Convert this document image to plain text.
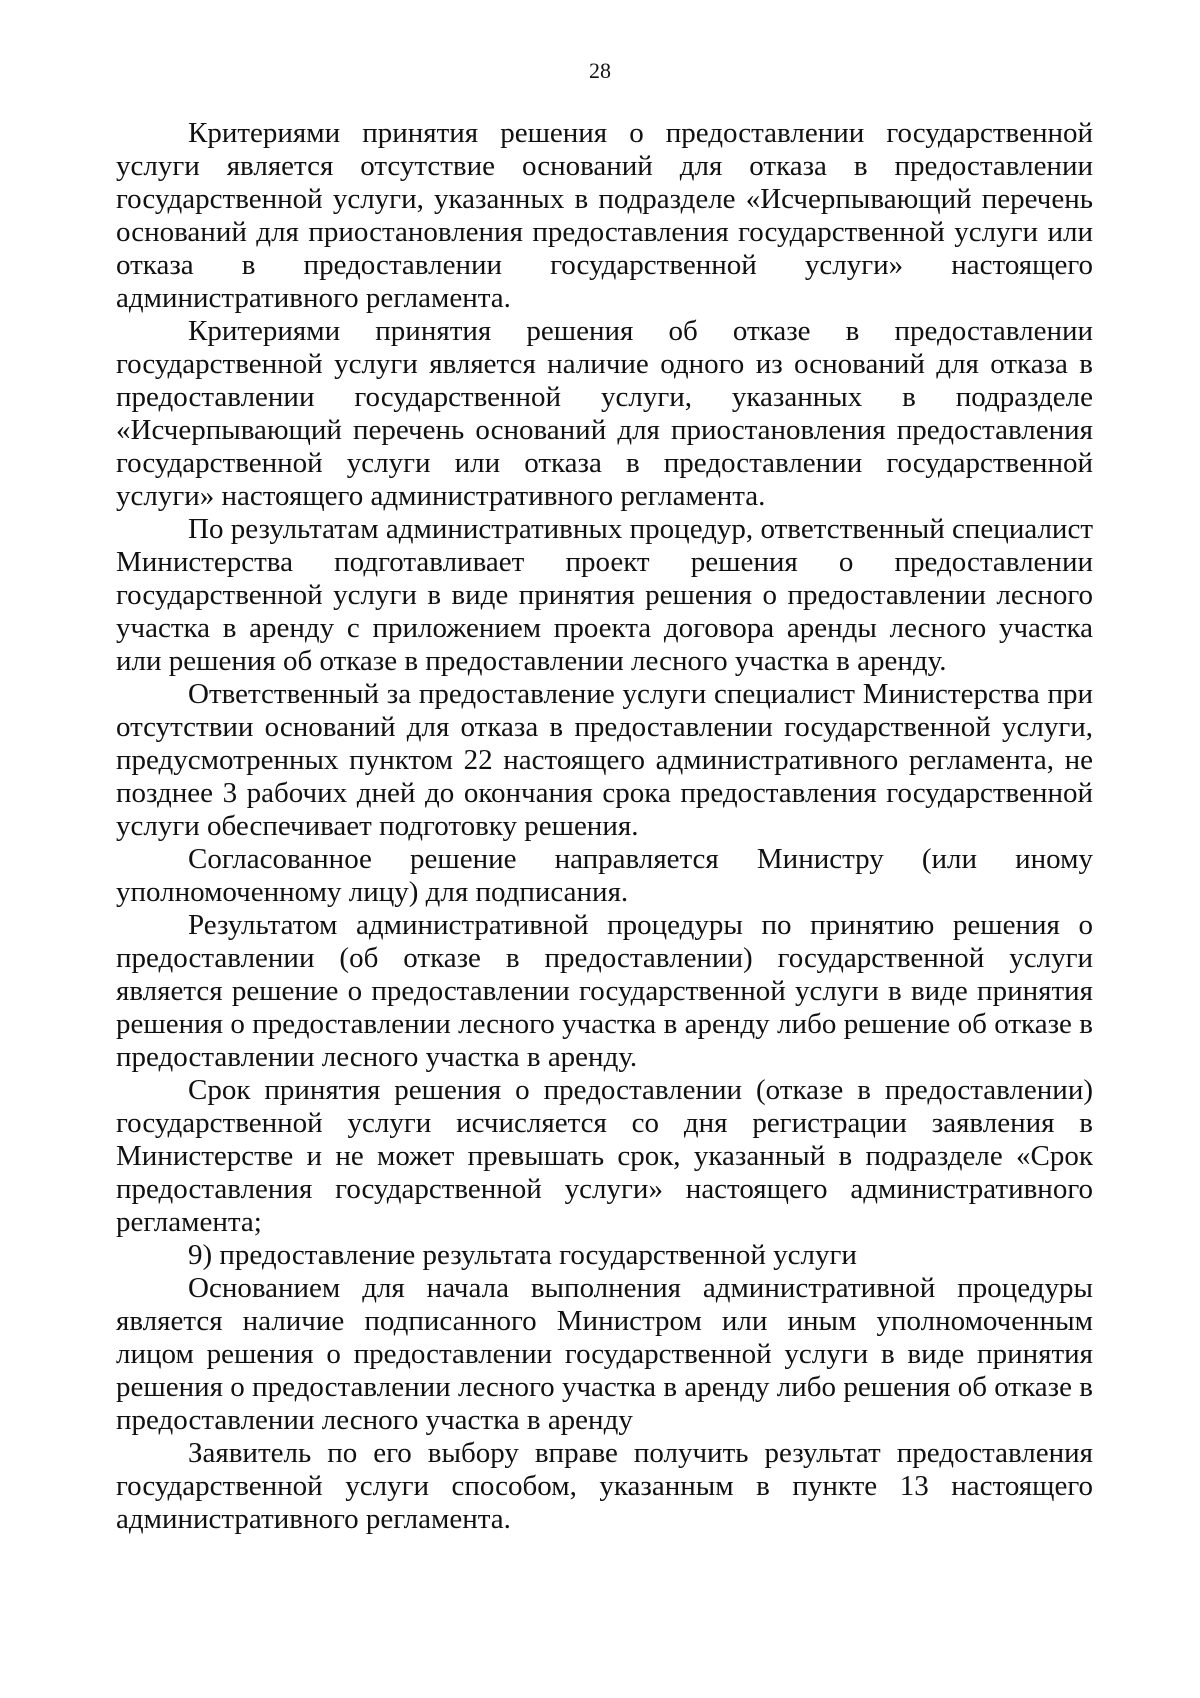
28

Критериями принятия решения о предоставлении государственной услуги является отсутствие оснований для отказа в предоставлении государственной услуги, указанных в подразделе «Исчерпывающий перечень оснований для приостановления предоставления государственной услуги или отказа в предоставлении государственной услуги» настоящего административного регламента.

Критериями принятия решения об отказе в предоставлении государственной услуги является наличие одного из оснований для отказа в предоставлении государственной услуги, указанных в подразделе «Исчерпывающий перечень оснований для приостановления предоставления государственной услуги или отказа в предоставлении государственной услуги» настоящего административного регламента.

По результатам административных процедур, ответственный специалист Министерства подготавливает проект решения о предоставлении государственной услуги в виде принятия решения о предоставлении лесного участка в аренду с приложением проекта договора аренды лесного участка или решения об отказе в предоставлении лесного участка в аренду.

Ответственный за предоставление услуги специалист Министерства при отсутствии оснований для отказа в предоставлении государственной услуги, предусмотренных пунктом 22 настоящего административного регламента, не позднее 3 рабочих дней до окончания срока предоставления государственной услуги обеспечивает подготовку решения.

Согласованное решение направляется Министру (или иному уполномоченному лицу) для подписания.

Результатом административной процедуры по принятию решения о предоставлении (об отказе в предоставлении) государственной услуги является решение о предоставлении государственной услуги в виде принятия решения о предоставлении лесного участка в аренду либо решение об отказе в предоставлении лесного участка в аренду.

Срок принятия решения о предоставлении (отказе в предоставлении) государственной услуги исчисляется со дня регистрации заявления в Министерстве и не может превышать срок, указанный в подразделе «Срок предоставления государственной услуги» настоящего административного регламента;

9) предоставление результата государственной услуги

Основанием для начала выполнения административной процедуры является наличие подписанного Министром или иным уполномоченным лицом решения о предоставлении государственной услуги в виде принятия решения о предоставлении лесного участка в аренду либо решения об отказе в предоставлении лесного участка в аренду

Заявитель по его выбору вправе получить результат предоставления государственной услуги способом, указанным в пункте 13 настоящего административного регламента.
